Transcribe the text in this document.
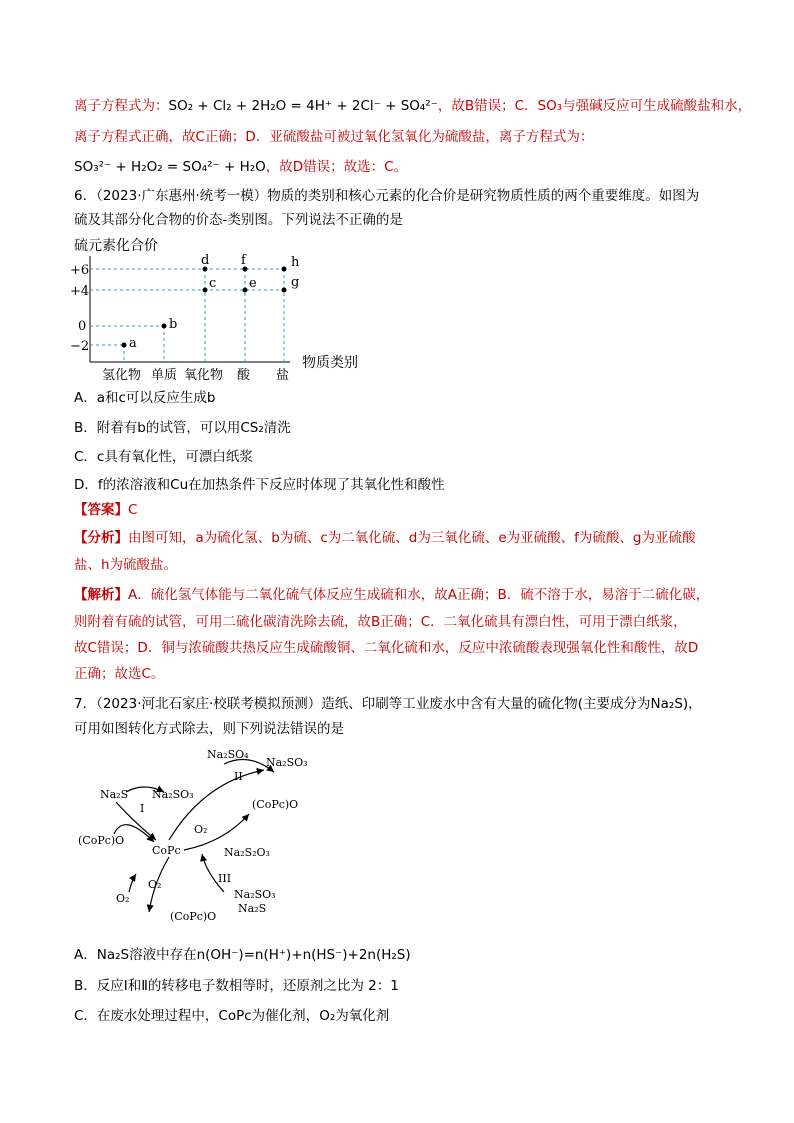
离子方程式为：SO₂ + Cl₂ + 2H₂O = 4H⁺ + 2Cl⁻ + SO₄²⁻，故B错误；C．SO₃与强碱反应可生成硫酸盐和水，
离子方程式正确，故C正确；D．亚硫酸盐可被过氧化氢氧化为硫酸盐，离子方程式为：
SO₃²⁻ + H₂O₂ = SO₄²⁻ + H₂O，故D错误；故选：C。
6．（2023·广东惠州·统考一模）物质的类别和核心元素的化合价是研究物质性质的两个重要维度。如图为
硫及其部分化合物的价态-类别图。下列说法不正确的是
硫元素化合价
物质类别
+6
+4
0
−2	a
b
c
d
e
f
g
h
氢化物 单质 氧化物 酸 盐
A．a和c可以反应生成b
B．附着有b的试管，可以用CS₂清洗
C．c具有氧化性，可漂白纸浆
D．f的浓溶液和Cu在加热条件下反应时体现了其氧化性和酸性
【答案】C
【分析】由图可知，a为硫化氢、b为硫、c为二氧化硫、d为三氧化硫、e为亚硫酸、f为硫酸、g为亚硫酸
盐、h为硫酸盐。
【解析】A．硫化氢气体能与二氧化硫气体反应生成硫和水，故A正确；B．硫不溶于水，易溶于二硫化碳，
则附着有硫的试管，可用二硫化碳清洗除去硫，故B正确；C．二氧化硫具有漂白性，可用于漂白纸浆，
故C错误；D．铜与浓硫酸共热反应生成硫酸铜、二氧化硫和水，反应中浓硫酸表现强氧化性和酸性，故D
正确；故选C。
7．（2023·河北石家庄·校联考模拟预测）造纸、印刷等工业废水中含有大量的硫化物(主要成分为Na₂S)，
可用如图转化方式除去，则下列说法错误的是
Na₂SO₄
Na₂SO₃
II
Na₂S
I
Na₂SO₃
(CoPc)O
(CoPc)O
O₂
CoPc	Na₂S₂O₃
III
O₂
O₂	Na₂SO₃
Na₂S
(CoPc)O
A．Na₂S溶液中存在n(OH⁻)=n(H⁺)+n(HS⁻)+2n(H₂S)
B．反应Ⅰ和Ⅱ的转移电子数相等时，还原剂之比为 2：1
C．在废水处理过程中，CoPc为催化剂，O₂为氧化剂
